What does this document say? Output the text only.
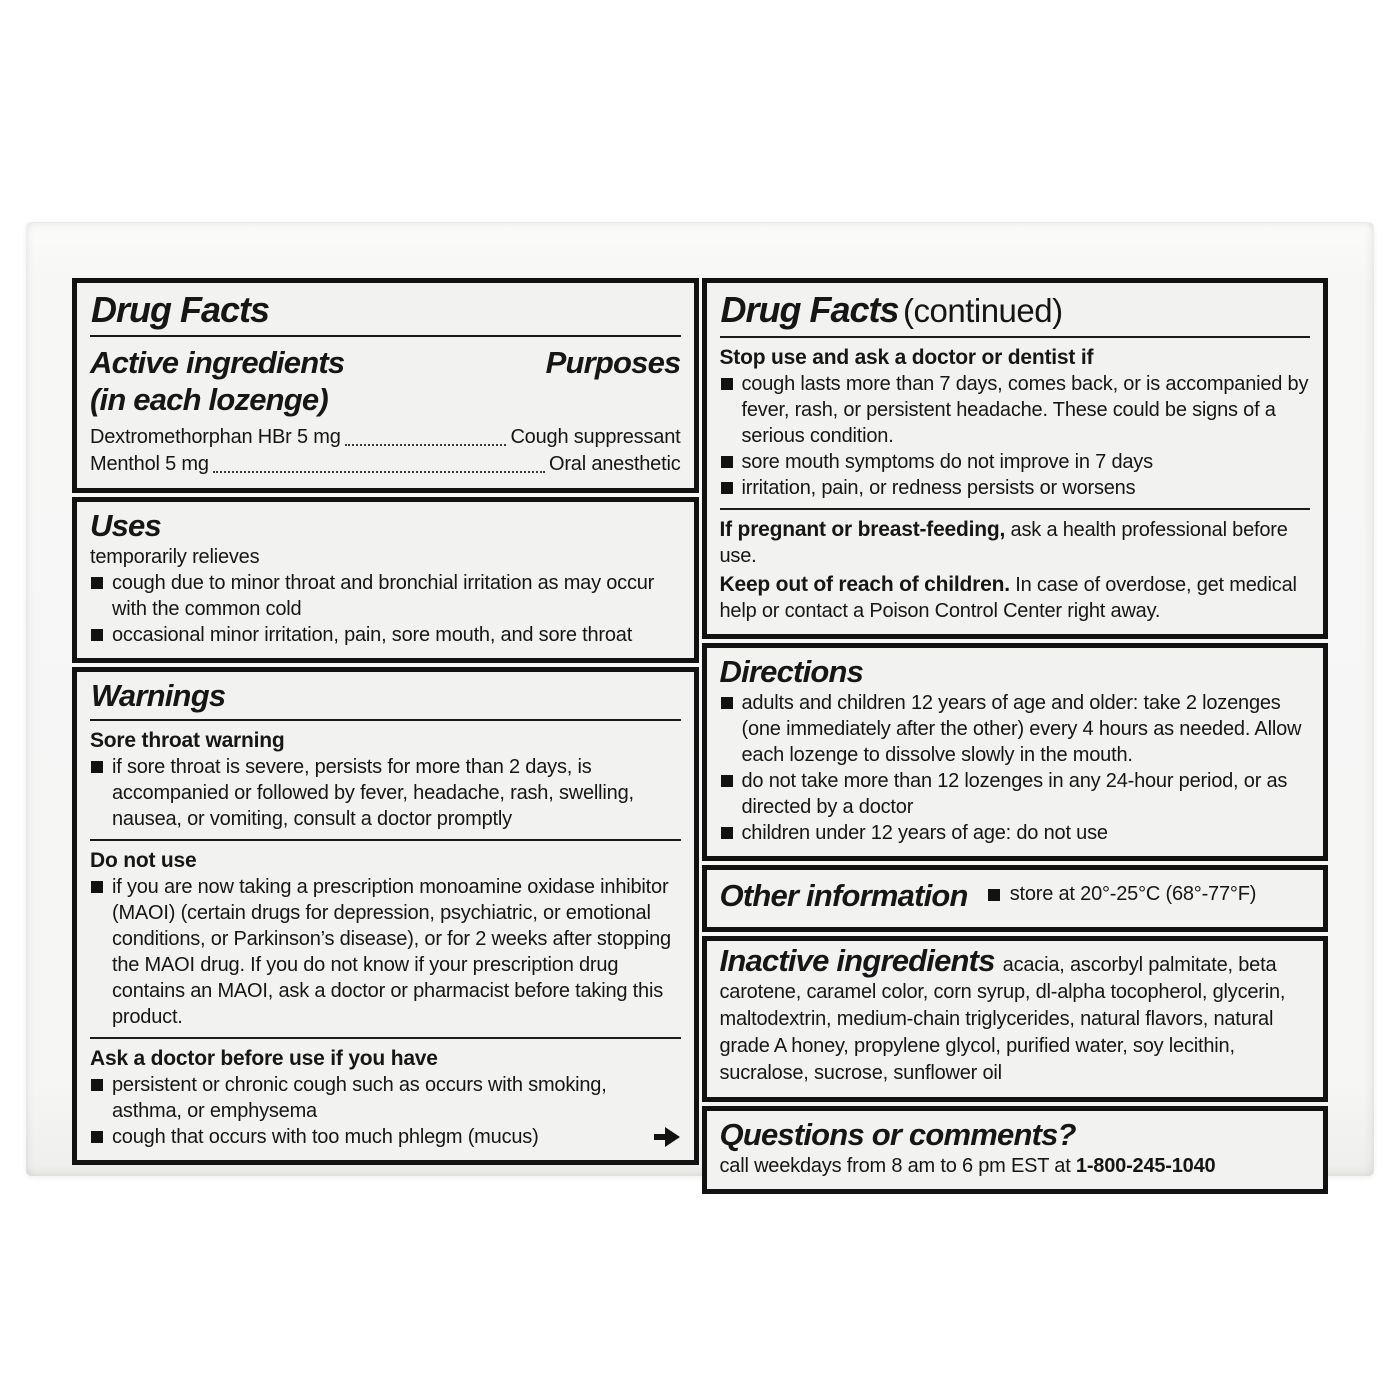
Drug Facts
Active ingredients
(in each lozenge)
Purposes
Dextromethorphan HBr 5 mg	Cough suppressant
Menthol 5 mg	Oral anesthetic
Uses

temporarily relieves

cough due to minor throat and bronchial irritation as may occur with the common cold
occasional minor irritation, pain, sore mouth, and sore throat
Warnings

Sore throat warning

if sore throat is severe, persists for more than 2 days, is accompanied or followed by fever, headache, rash, swelling, nausea, or vomiting, consult a doctor promptly

Do not use

if you are now taking a prescription monoamine oxidase inhibitor (MAOI) (certain drugs for depression, psychiatric, or emotional conditions, or Parkinson’s disease), or for 2 weeks after stopping the MAOI drug. If you do not know if your prescription drug contains an MAOI, ask a doctor or pharmacist before taking this product.

Ask a doctor before use if you have

persistent or chronic cough such as occurs with smoking, asthma, or emphysema
cough that occurs with too much phlegm (mucus)
Drug Facts (continued)

Stop use and ask a doctor or dentist if

cough lasts more than 7 days, comes back, or is accompanied by fever, rash, or persistent headache. These could be signs of a serious condition.
sore mouth symptoms do not improve in 7 days
irritation, pain, or redness persists or worsens

If pregnant or breast-feeding, ask a health professional before use.

Keep out of reach of children. In case of overdose, get medical help or contact a Poison Control Center right away.

Directions
adults and children 12 years of age and older: take 2 lozenges (one immediately after the other) every 4 hours as needed. Allow each lozenge to dissolve slowly in the mouth.
do not take more than 12 lozenges in any 24-hour period, or as directed by a doctor
children under 12 years of age: do not use
Other information store at 20°-25°C (68°-77°F)

Inactive ingredients acacia, ascorbyl palmitate, beta carotene, caramel color, corn syrup, dl-alpha tocopherol, glycerin, maltodextrin, medium-chain triglycerides, natural flavors, natural grade A honey, propylene glycol, purified water, soy lecithin, sucralose, sucrose, sunflower oil

Questions or comments?

call weekdays from 8 am to 6 pm EST at 1-800-245-1040
